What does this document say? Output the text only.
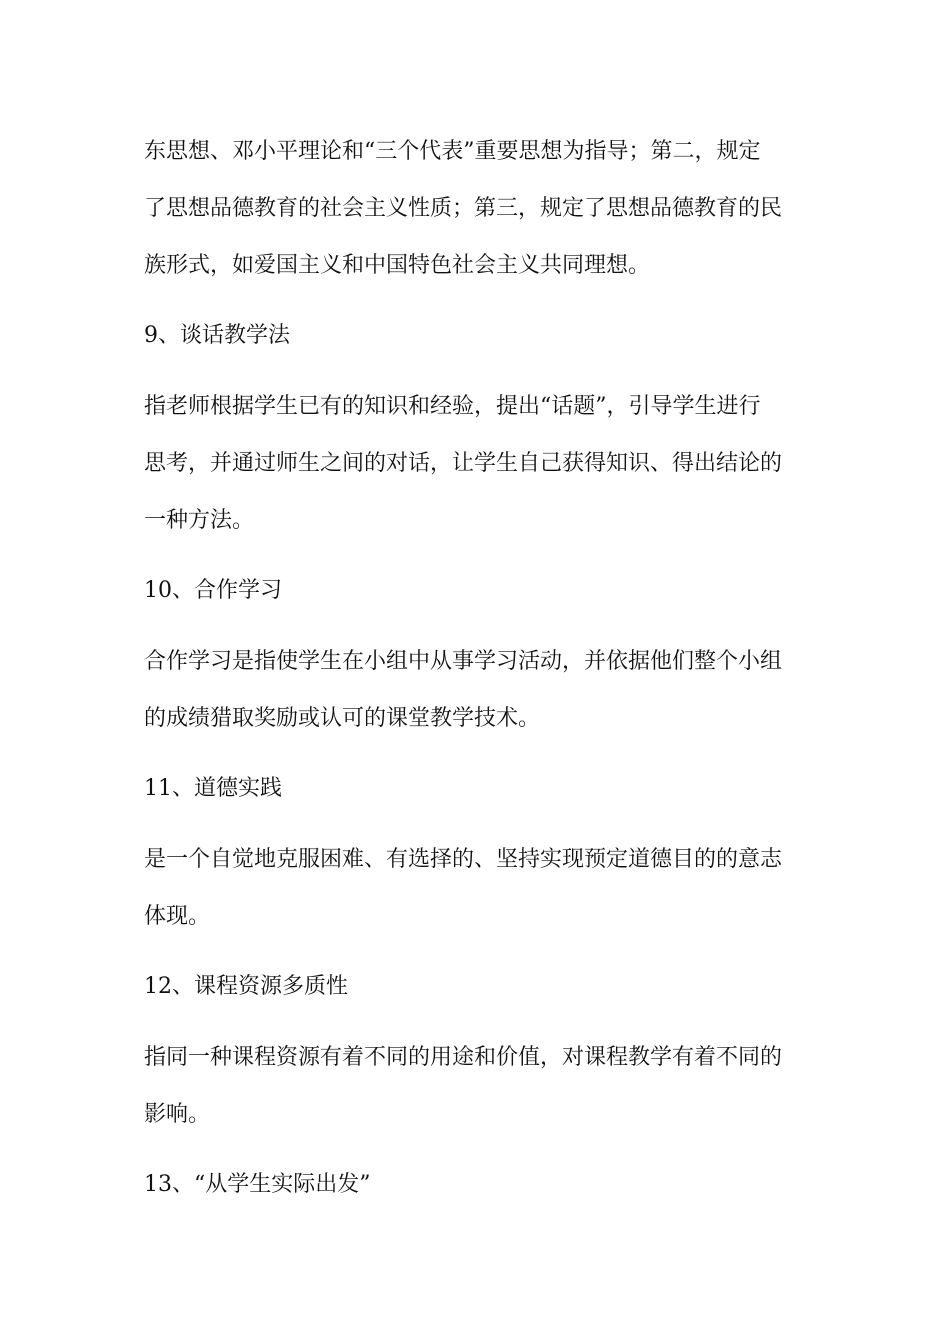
东思想、邓小平理论和“三个代表”重要思想为指导；第二，规定
了思想品德教育的社会主义性质；第三，规定了思想品德教育的民
族形式，如爱国主义和中国特色社会主义共同理想。
9、谈话教学法
指老师根据学生已有的知识和经验，提出“话题”，引导学生进行
思考，并通过师生之间的对话，让学生自己获得知识、得出结论的
一种方法。
10、合作学习
合作学习是指使学生在小组中从事学习活动，并依据他们整个小组
的成绩猎取奖励或认可的课堂教学技术。
11、道德实践
是一个自觉地克服困难、有选择的、坚持实现预定道德目的的意志
体现。
12、课程资源多质性
指同一种课程资源有着不同的用途和价值，对课程教学有着不同的
影响。
13、“从学生实际出发”
